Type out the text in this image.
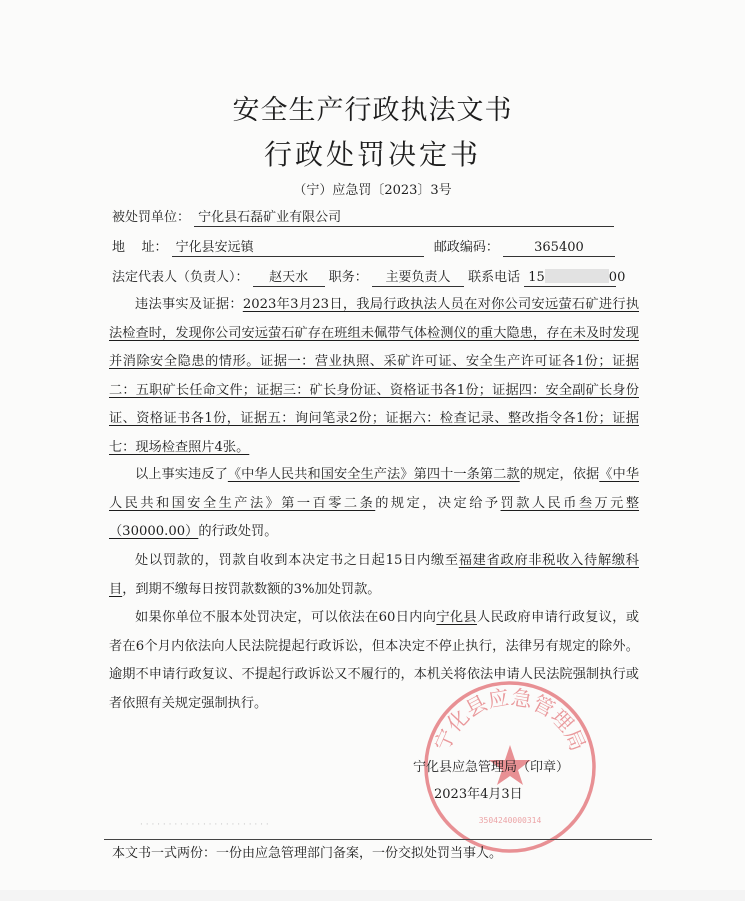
安全生产行政执法文书
行政处罚决定书
（宁）应急罚〔2023〕3号
被处罚单位： 宁化县石磊矿业有限公司
地    址： 宁化县安远镇	邮政编码：	365400
法定代表人（负责人）： 赵天水 职务： 主要负责人 联系电话 15	00
违法事实及证据：2023年3月23日，我局行政执法人员在对你公司安远萤石矿进行执法检查时，发现你公司安远萤石矿存在班组未佩带气体检测仪的重大隐患，存在未及时发现并消除安全隐患的情形。证据一：营业执照、采矿许可证、安全生产许可证各1份；证据二：五职矿长任命文件；证据三：矿长身份证、资格证书各1份；证据四：安全副矿长身份证、资格证书各1份，证据五：询问笔录2份；证据六：检查记录、整改指令各1份；证据七：现场检查照片4张。
以上事实违反了《中华人民共和国安全生产法》第四十一条第二款的规定，依据《中华人民共和国安全生产法》第一百零二条的规定，决定给予罚款人民币叁万元整（30000.00）的行政处罚。
处以罚款的，罚款自收到本决定书之日起15日内缴至福建省政府非税收入待解缴科目，到期不缴每日按罚款数额的3%加处罚款。
如果你单位不服本处罚决定，可以依法在60日内向宁化县人民政府申请行政复议，或者在6个月内依法向人民法院提起行政诉讼，但本决定不停止执行，法律另有规定的除外。逾期不申请行政复议、不提起行政诉讼又不履行的，本机关将依法申请人民法院强制执行或者依照有关规定强制执行。
· · · · · · · · · · · · · · · · · · · · · · ·
宁化县应急管理局
3504240000314
宁化县应急管理局（印章）
2023年4月3日
本文书一式两份：一份由应急管理部门备案，一份交拟处罚当事人。
